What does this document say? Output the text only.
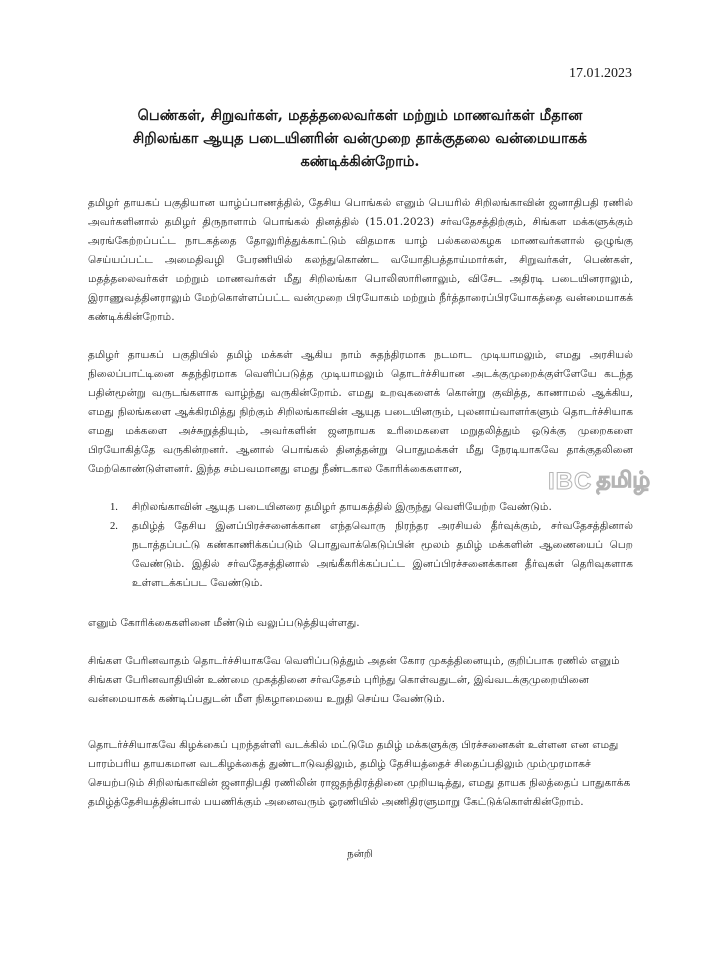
17.01.2023
பெண்கள், சிறுவர்கள், மதத்தலைவர்கள் மற்றும் மாணவர்கள் மீதான
சிறிலங்கா ஆயுத படையினரின் வன்முறை தாக்குதலை வன்மையாகக்
கண்டிக்கின்றோம்.
தமிழர் தாயகப் பகுதியான யாழ்ப்பாணத்தில், தேசிய பொங்கல் எனும் பெயரில் சிறிலங்காவின் ஜனாதிபதி ரணில் அவர்களினால் தமிழர் திருநாளாம் பொங்கல் தினத்தில் (15.01.2023) சர்வதேசத்திற்கும், சிங்கள மக்களுக்கும் அரங்கேற்றப்பட்ட நாடகத்தை தோலுரித்துக்காட்டும் விதமாக யாழ் பல்கலைகழக மாணவர்களால் ஒழுங்கு செய்யப்பட்ட அமைதிவழி பேரணியில் கலந்துகொண்ட வயோதிபத்தாய்மார்கள், சிறுவர்கள், பெண்கள், மதத்தலைவர்கள் மற்றும் மாணவர்கள் மீது சிறிலங்கா பொலிஸாரினாலும், விசேட அதிரடி படையினராலும், இராணுவத்தினராலும் மேற்கொள்ளப்பட்ட வன்முறை பிரயோகம் மற்றும் நீர்த்தாரைப்பிரயோகத்தை வன்மையாகக் கண்டிக்கின்றோம்.
தமிழர் தாயகப் பகுதியில் தமிழ் மக்கள் ஆகிய நாம் சுதந்திரமாக நடமாட முடியாமலும், எமது அரசியல் நிலைப்பாட்டினை சுதந்திரமாக வெளிப்படுத்த முடியாமலும் தொடர்ச்சியான அடக்குமுறைக்குள்ளேயே கடந்த பதின்மூன்று வருடங்களாக வாழ்ந்து வருகின்றோம். எமது உறவுகளைக் கொன்று குவித்த, காணாமல் ஆக்கிய, எமது நிலங்களை ஆக்கிரமித்து நிற்கும் சிறிலங்காவின் ஆயுத படையினரும், புலனாய்வாளர்களும் தொடர்ச்சியாக எமது மக்களை அச்சுறுத்தியும், அவர்களின் ஜனநாயக உரிமைகளை மறுதலித்தும் ஒடுக்கு முறைகளை பிரயோகித்தே வருகின்றனர். ஆனால் பொங்கல் தினத்தன்று பொதுமக்கள் மீது நேரடியாகவே தாக்குதலினை மேற்கொண்டுள்ளனர். இந்த சம்பவமானது எமது நீண்டகால கோரிக்கைகளான,
1.	சிறிலங்காவின் ஆயுத படையினரை தமிழர் தாயகத்தில் இருந்து வெளியேற்ற வேண்டும்.
2.	தமிழ்த் தேசிய இனப்பிரச்சனைக்கான எந்தவொரு நிரந்தர அரசியல் தீர்வுக்கும், சர்வதேசத்தினால் நடாத்தப்பட்டு கண்காணிக்கப்படும் பொதுவாக்கெடுப்பின் மூலம் தமிழ் மக்களின் ஆணையைப் பெற வேண்டும். இதில் சர்வதேசத்தினால் அங்கீகரிக்கப்பட்ட இனப்பிரச்சனைக்கான தீர்வுகள் தெரிவுகளாக உள்ளடக்கப்பட வேண்டும்.
எனும் கோரிக்கைகளினை மீண்டும் வலுப்படுத்தியுள்ளது.
சிங்கள பேரினவாதம் தொடர்ச்சியாகவே வெளிப்படுத்தும் அதன் கோர முகத்தினையும், குறிப்பாக ரணில் எனும் சிங்கள பேரினவாதியின் உண்மை முகத்தினை சர்வதேசம் புரிந்து கொள்வதுடன், இவ்வடக்குமுறையினை வன்மையாகக் கண்டிப்பதுடன் மீள நிகழாமையை உறுதி செய்ய வேண்டும்.
தொடர்ச்சியாகவே கிழக்கைப் புறந்தள்ளி வடக்கில் மட்டுமே தமிழ் மக்களுக்கு பிரச்சனைகள் உள்ளன என எமது பாரம்பரிய தாயகமான வடகிழக்கைத் துண்டாடுவதிலும், தமிழ் தேசியத்தைச் சிதைப்பதிலும் மும்முரமாகச் செயற்படும் சிறிலங்காவின் ஜனாதிபதி ரணிலின் ராஜதந்திரத்தினை முறியடித்து, எமது தாயக நிலத்தைப் பாதுகாக்க தமிழ்த்தேசியத்தின்பால் பயணிக்கும் அனைவரும் ஓரணியில் அணிதிரளுமாறு கேட்டுக்கொள்கின்றோம்.
நன்றி
IBC தமிழ்
